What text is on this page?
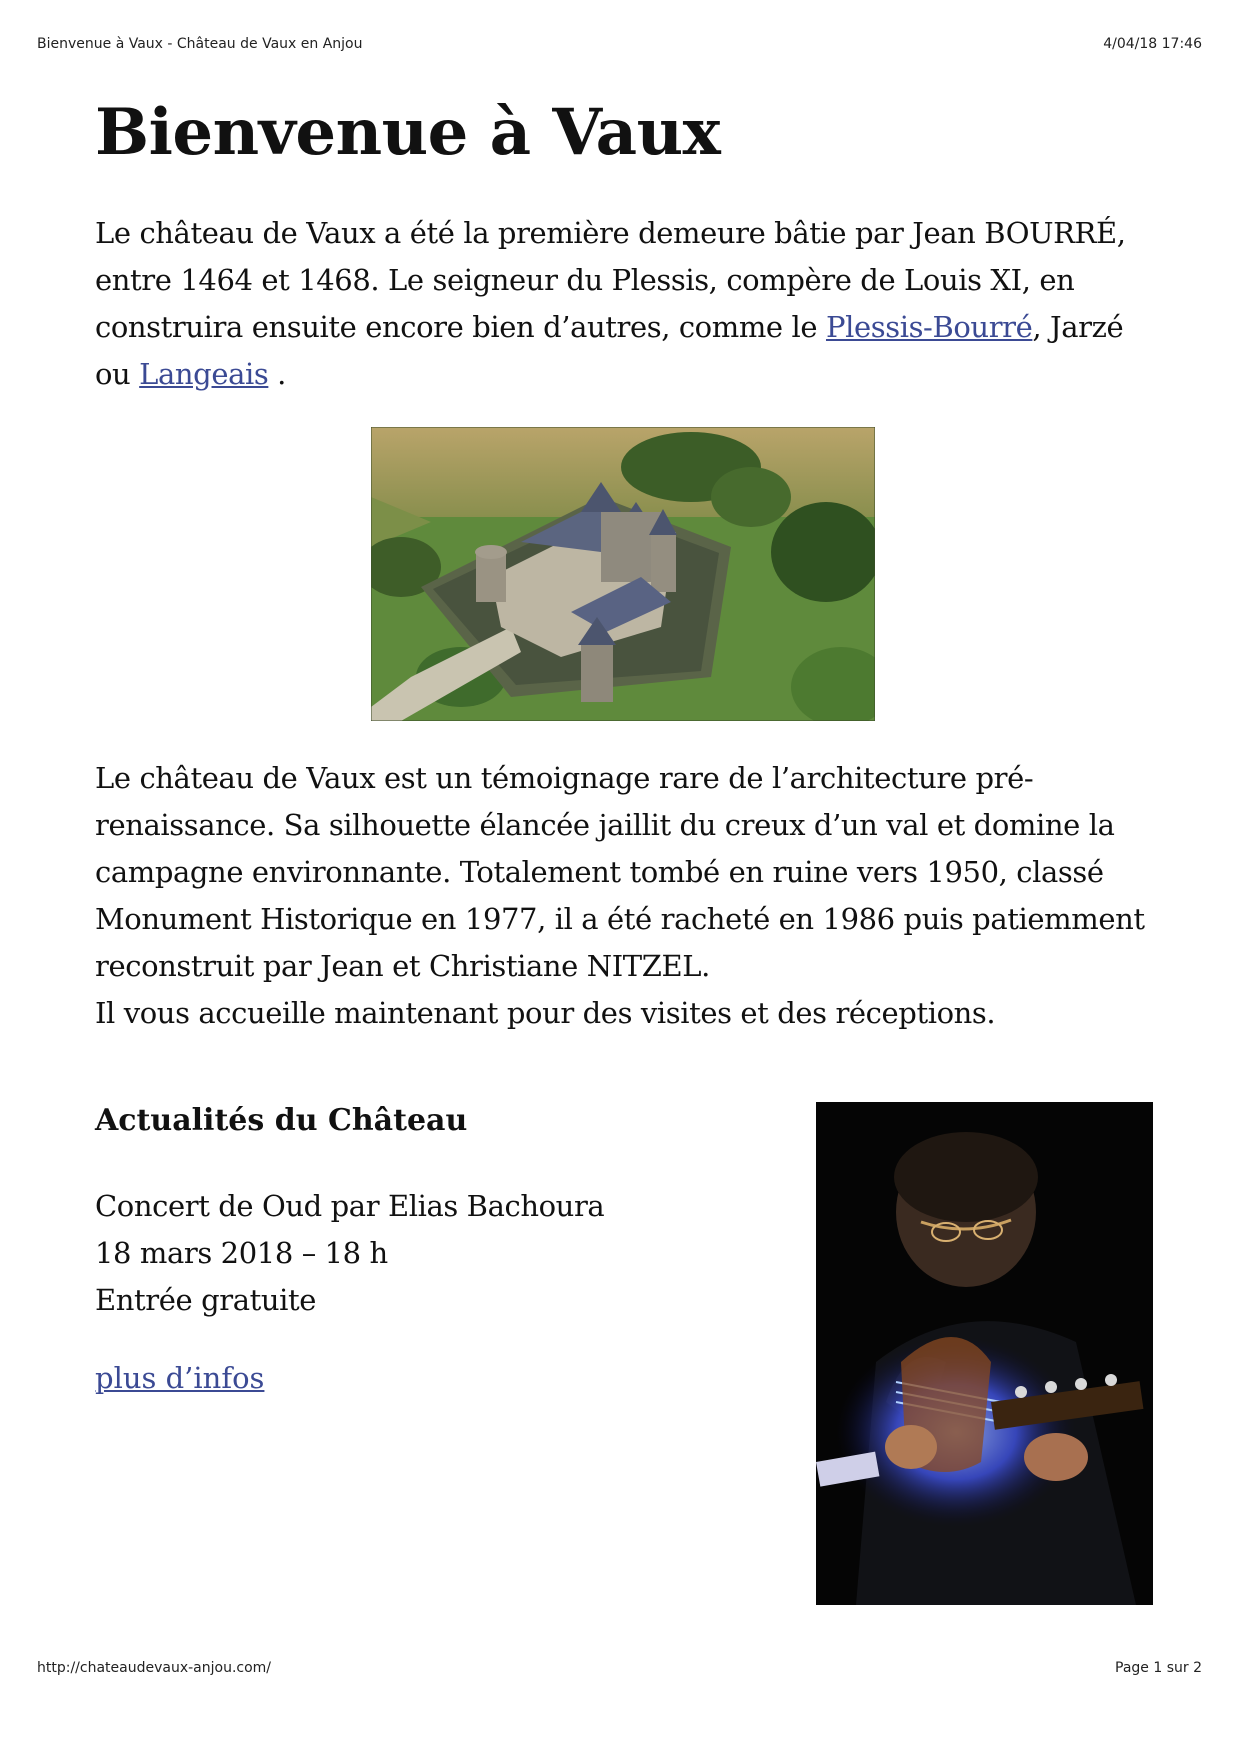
Bienvenue à Vaux - Château de Vaux en Anjou	4/04/18 17:46
Bienvenue à Vaux

Le château de Vaux a été la première demeure bâtie par Jean BOURRÉ, entre 1464 et 1468. Le seigneur du Plessis, compère de Louis XI, en construira ensuite encore bien d’autres, comme le Plessis-Bourré, Jarzé ou Langeais .

Le château de Vaux est un témoignage rare de l’architecture pré-renaissance. Sa silhouette élancée jaillit du creux d’un val et domine la campagne environnante. Totalement tombé en ruine vers 1950, classé Monument Historique en 1977, il a été racheté en 1986 puis patiemment reconstruit par Jean et Christiane NITZEL.
Il vous accueille maintenant pour des visites et des réceptions.

Actualités du Château
Concert de Oud par Elias Bachoura
18 mars 2018 – 18 h
Entrée gratuite
plus d’infos
http://chateaudevaux-anjou.com/	Page 1 sur 2
